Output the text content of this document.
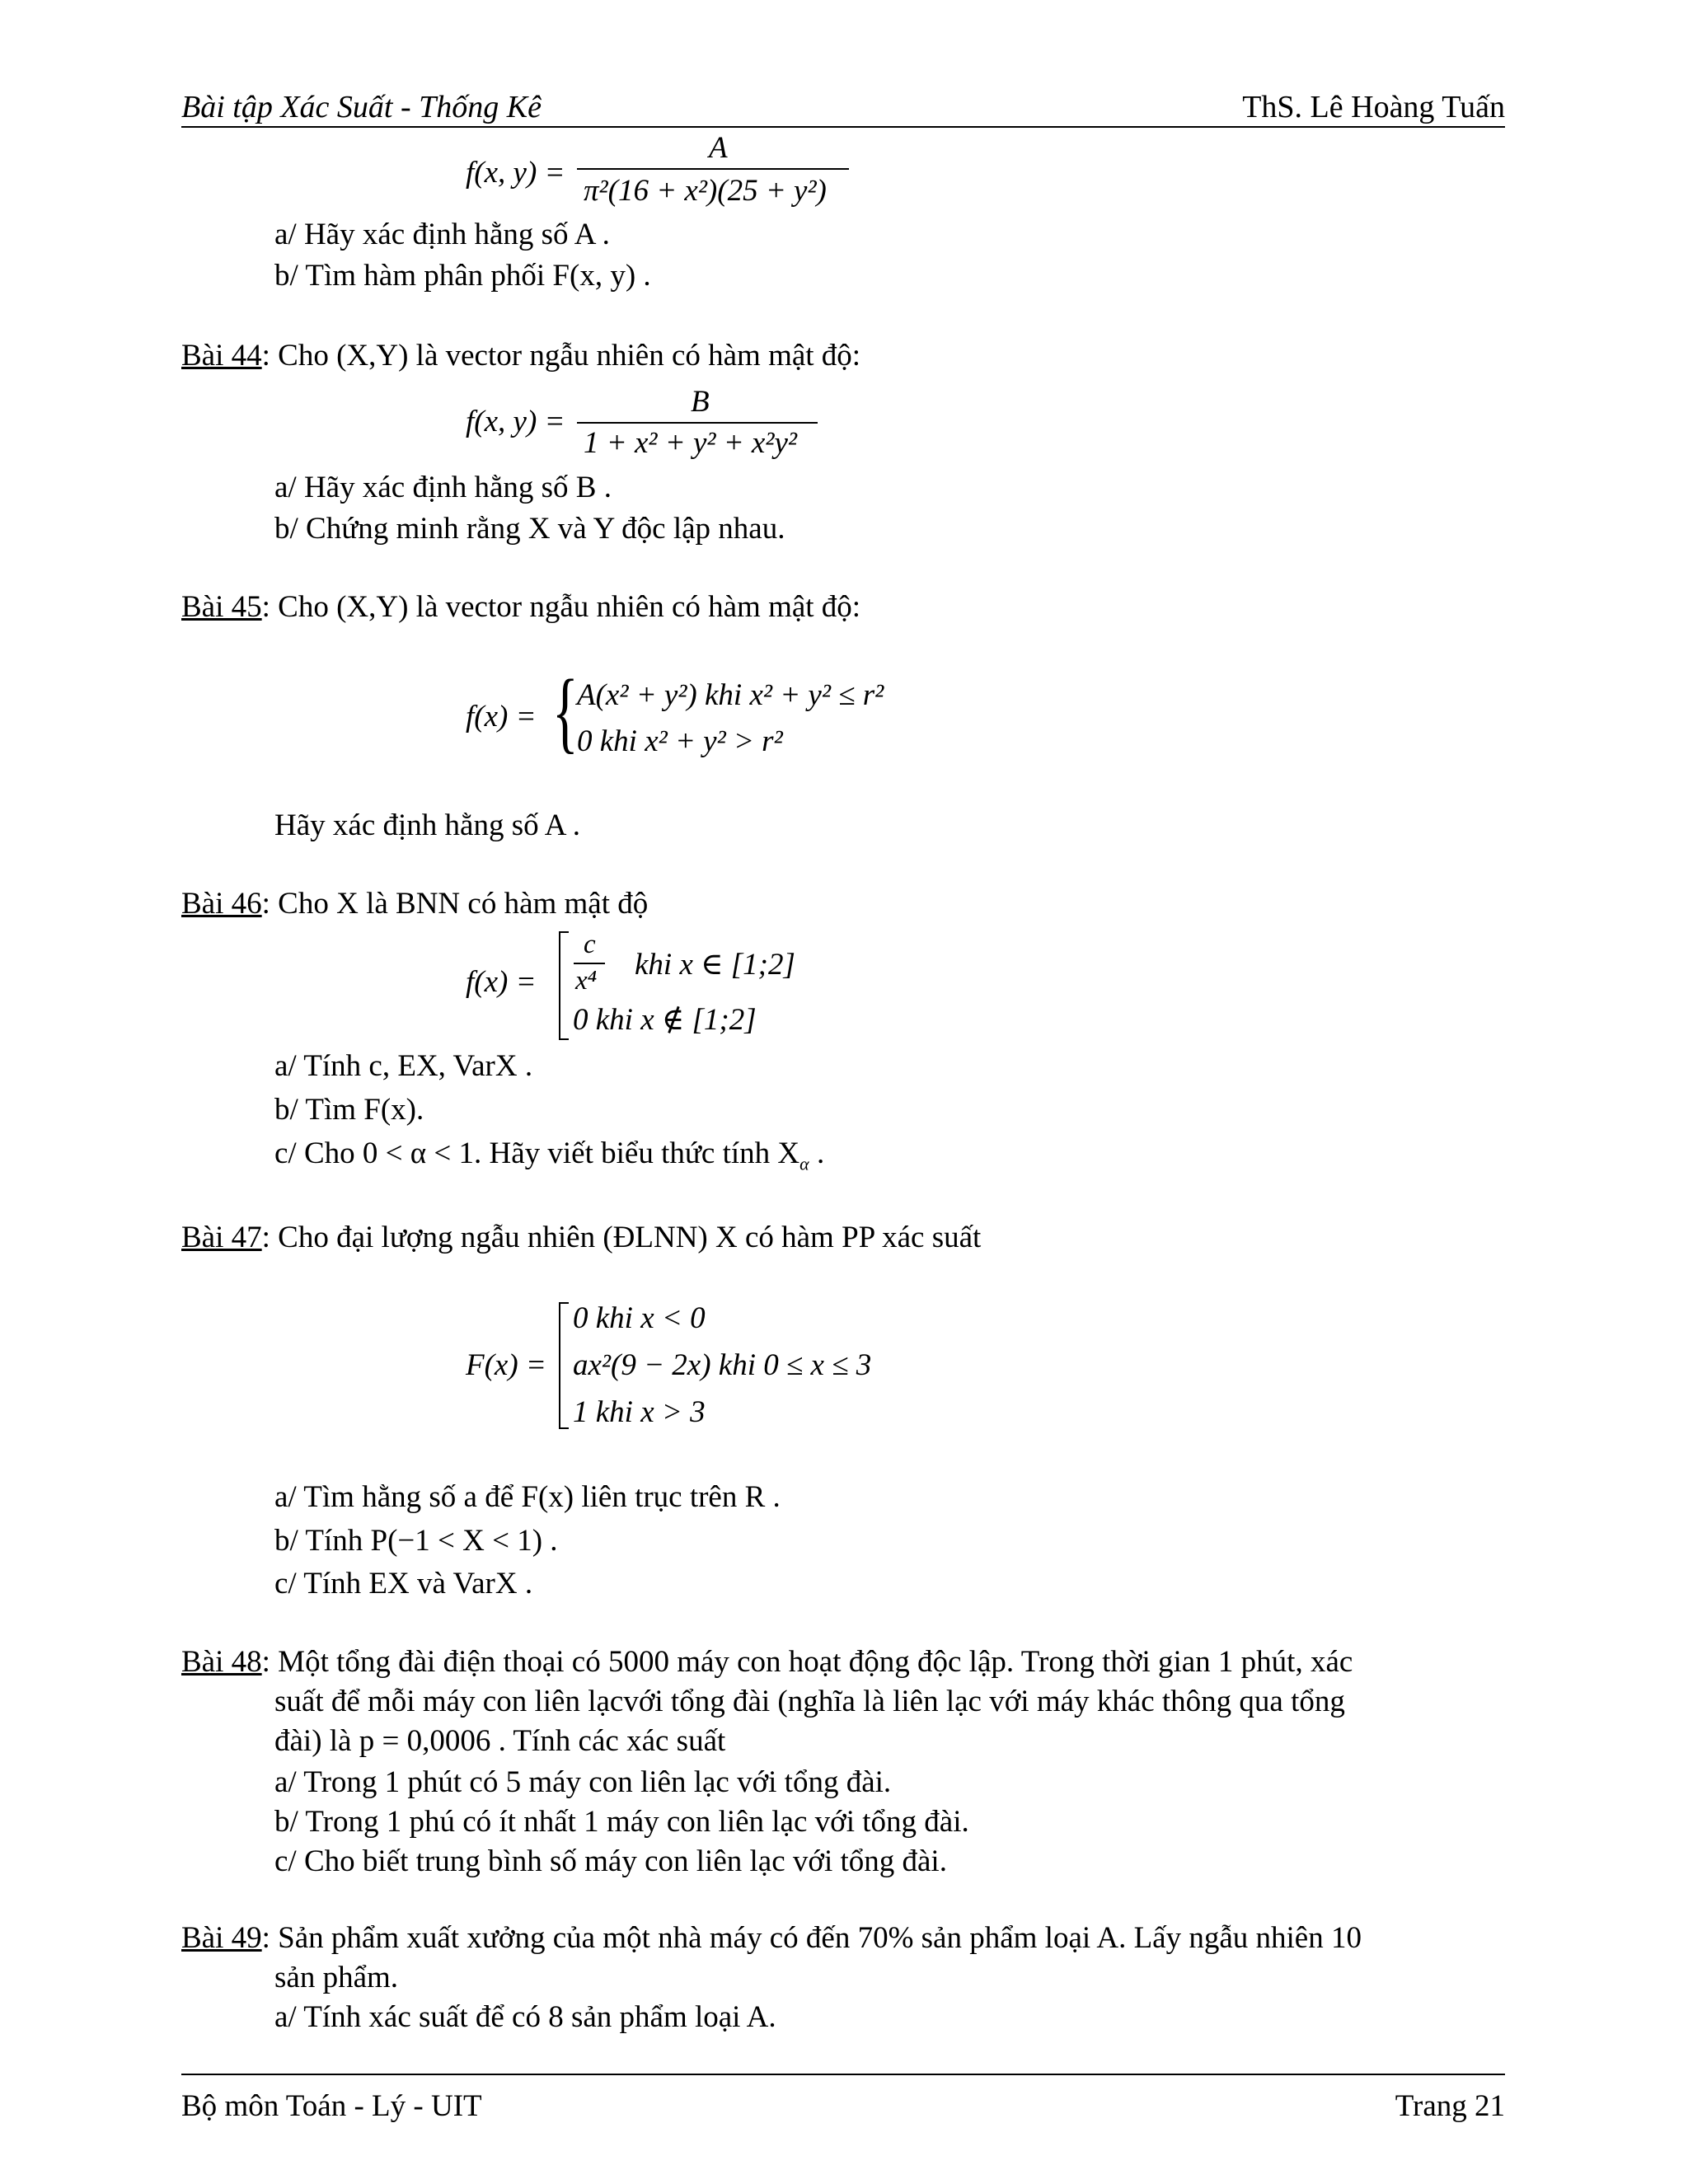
Bài tập Xác Suất - Thống Kê	ThS. Lê Hoàng Tuấn
f(x, y) =
A
π²(16 + x²)(25 + y²)
a/ Hãy xác định hằng số A .
b/ Tìm hàm phân phối F(x, y) .
Bài 44: Cho (X,Y) là vector ngẫu nhiên có hàm mật độ:
f(x, y) =
B
1 + x² + y² + x²y²
a/ Hãy xác định hằng số B .
b/ Chứng minh rằng X và Y độc lập nhau.
Bài 45: Cho (X,Y) là vector ngẫu nhiên có hàm mật độ:
f(x) = {
A(x² + y²) khi x² + y² ≤ r²
0 khi x² + y² > r²
Hãy xác định hằng số A .
Bài 46: Cho X là BNN có hàm mật độ
f(x) =
c
x⁴ khi x ∈ [1;2]
0 khi x ∉ [1;2]
a/ Tính c, EX, VarX .
b/ Tìm F(x).
c/ Cho 0 < α < 1. Hãy viết biểu thức tính $X_\alpha$ .
Bài 47: Cho đại lượng ngẫu nhiên (ĐLNN) X có hàm PP xác suất
F(x) =
0 khi x < 0
ax²(9 − 2x) khi 0 ≤ x ≤ 3
1 khi x > 3
a/ Tìm hằng số a để F(x) liên trục trên R .
b/ Tính P(−1 < X < 1) .
c/ Tính EX và VarX .
Bài 48: Một tổng đài điện thoại có 5000 máy con hoạt động độc lập. Trong thời gian 1 phút, xác
suất để mỗi máy con liên lạcvới tổng đài (nghĩa là liên lạc với máy khác thông qua tổng
đài) là p = 0,0006 . Tính các xác suất
a/ Trong 1 phút có 5 máy con liên lạc với tổng đài.
b/ Trong 1 phú có ít nhất 1 máy con liên lạc với tổng đài.
c/ Cho biết trung bình số máy con liên lạc với tổng đài.
Bài 49: Sản phẩm xuất xưởng của một nhà máy có đến 70% sản phẩm loại A. Lấy ngẫu nhiên 10
sản phẩm.
a/ Tính xác suất để có 8 sản phẩm loại A.
Bộ môn Toán - Lý - UIT	Trang 21
